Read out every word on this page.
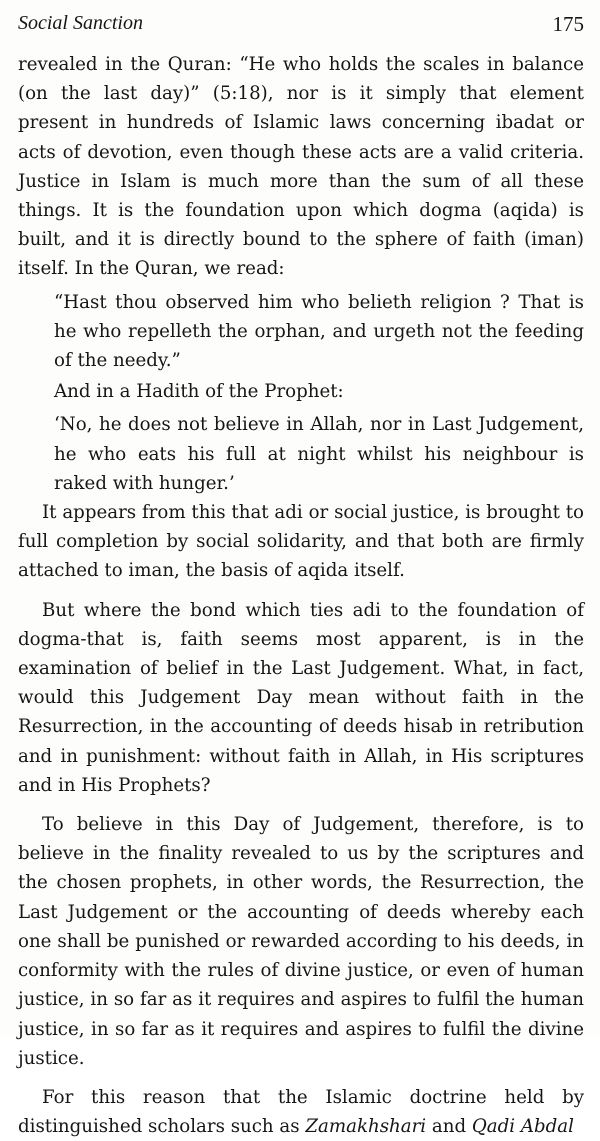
Social Sanction	175

revealed in the Quran: “He who holds the scales in balance (on the last day)” (5:18), nor is it simply that element present in hundreds of Islamic laws concerning ibadat or acts of devotion, even though these acts are a valid criteria. Justice in Islam is much more than the sum of all these things. It is the foundation upon which dogma (aqida) is built, and it is directly bound to the sphere of faith (iman) itself. In the Quran, we read:

“Hast thou observed him who belieth religion ? That is he who repelleth the orphan, and urgeth not the feeding of the needy.”

And in a Hadith of the Prophet:

‘No, he does not believe in Allah, nor in Last Judgement, he who eats his full at night whilst his neighbour is raked with hunger.’

It appears from this that adi or social justice, is brought to full completion by social solidarity, and that both are firmly attached to iman, the basis of aqida itself.

But where the bond which ties adi to the foundation of dogma-that is, faith seems most apparent, is in the examination of belief in the Last Judgement. What, in fact, would this Judgement Day mean without faith in the Resurrection, in the accounting of deeds hisab in retribution and in punishment: without faith in Allah, in His scriptures and in His Prophets?

To believe in this Day of Judgement, therefore, is to believe in the finality revealed to us by the scriptures and the chosen prophets, in other words, the Resurrection, the Last Judgement or the accounting of deeds whereby each one shall be punished or rewarded according to his deeds, in conformity with the rules of divine justice, or even of human justice, in so far as it requires and aspires to fulfil the human justice, in so far as it requires and aspires to fulfil the divine justice.

For this reason that the Islamic doctrine held by distinguished scholars such as Zamakhshari and Qadi Abdal
